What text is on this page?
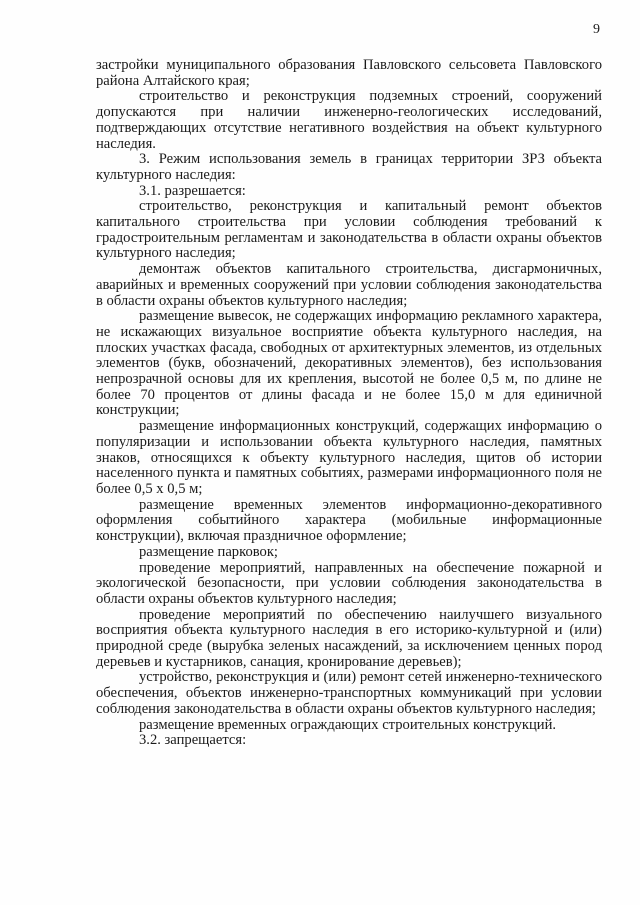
9

застройки муниципального образования Павловского сельсовета Павловского района Алтайского края;

строительство и реконструкция подземных строений, сооружений допускаются при наличии инженерно-геологических исследований, подтверждающих отсутствие негативного воздействия на объект культурного наследия.

3. Режим использования земель в границах территории ЗРЗ объекта культурного наследия:

3.1. разрешается:

строительство, реконструкция и капитальный ремонт объектов капитального строительства при условии соблюдения требований к градостроительным регламентам и законодательства в области охраны объектов культурного наследия;

демонтаж объектов капитального строительства, дисгармоничных, аварийных и временных сооружений при условии соблюдения законодательства в области охраны объектов культурного наследия;

размещение вывесок, не содержащих информацию рекламного характера, не искажающих визуальное восприятие объекта культурного наследия, на плоских участках фасада, свободных от архитектурных элементов, из отдельных элементов (букв, обозначений, декоративных элементов), без использования непрозрачной основы для их крепления, высотой не более 0,5 м, по длине не более 70 процентов от длины фасада и не более 15,0 м для единичной конструкции;

размещение информационных конструкций, содержащих информацию о популяризации и использовании объекта культурного наследия, памятных знаков, относящихся к объекту культурного наследия, щитов об истории населенного пункта и памятных событиях, размерами информационного поля не более 0,5 х 0,5 м;

размещение временных элементов информационно-декоративного оформления событийного характера (мобильные информационные конструкции), включая праздничное оформление;

размещение парковок;

проведение мероприятий, направленных на обеспечение пожарной и экологической безопасности, при условии соблюдения законодательства в области охраны объектов культурного наследия;

проведение мероприятий по обеспечению наилучшего визуального восприятия объекта культурного наследия в его историко-культурной и (или) природной среде (вырубка зеленых насаждений, за исключением ценных пород деревьев и кустарников, санация, кронирование деревьев);

устройство, реконструкция и (или) ремонт сетей инженерно-технического обеспечения, объектов инженерно-транспортных коммуникаций при условии соблюдения законодательства в области охраны объектов культурного наследия;

размещение временных ограждающих строительных конструкций.

3.2. запрещается:
